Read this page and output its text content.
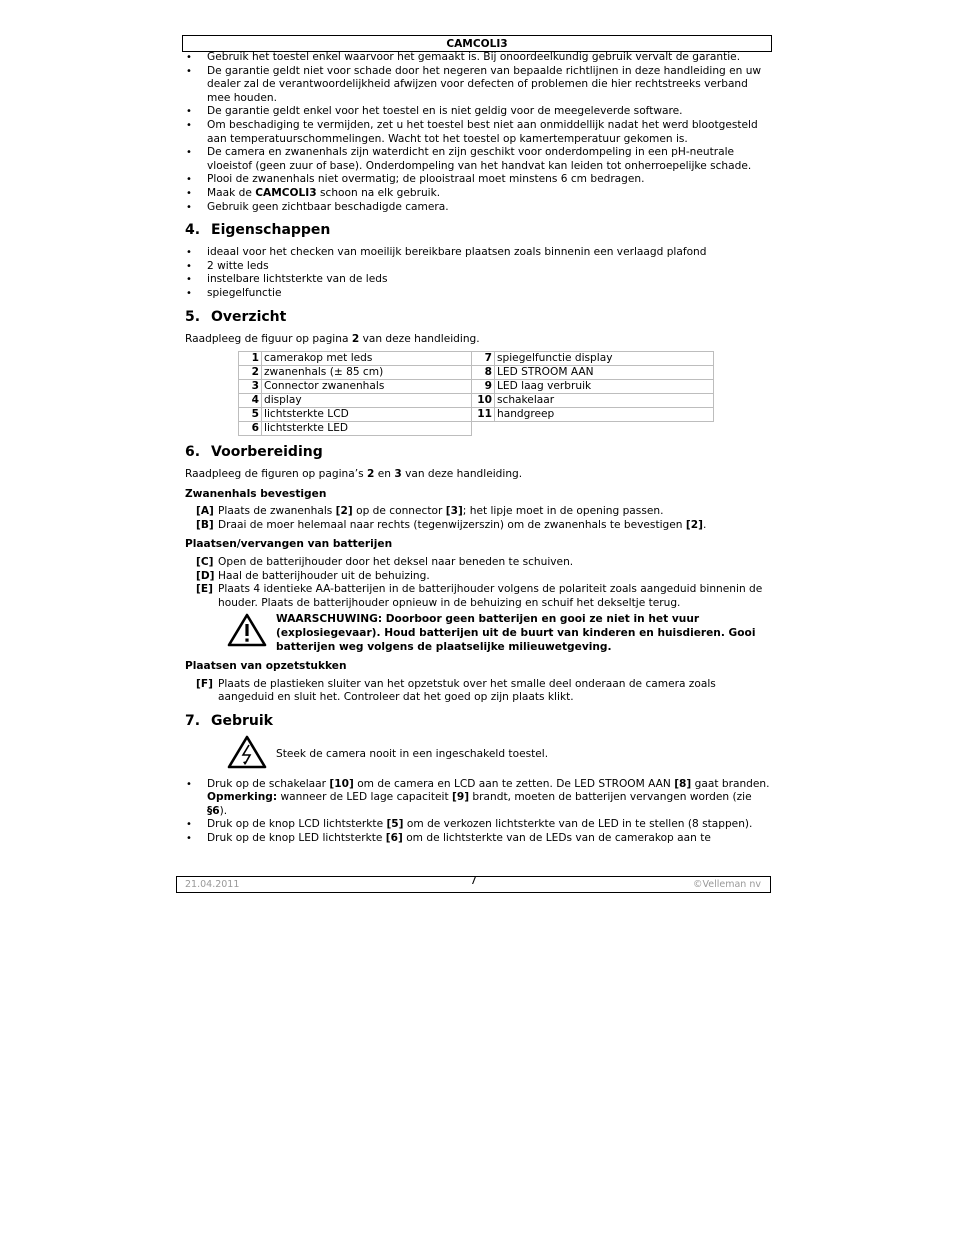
CAMCOLI3
• Gebruik het toestel enkel waarvoor het gemaakt is. Bij onoordeelkundig gebruik vervalt de garantie.
• De garantie geldt niet voor schade door het negeren van bepaalde richtlijnen in deze handleiding en uw dealer zal de verantwoordelijkheid afwijzen voor defecten of problemen die hier rechtstreeks verband mee houden.
• De garantie geldt enkel voor het toestel en is niet geldig voor de meegeleverde software.
• Om beschadiging te vermijden, zet u het toestel best niet aan onmiddellijk nadat het werd blootgesteld aan temperatuurschommelingen. Wacht tot het toestel op kamertemperatuur gekomen is.
• De camera en zwanenhals zijn waterdicht en zijn geschikt voor onderdompeling in een pH-neutrale vloeistof (geen zuur of base). Onderdompeling van het handvat kan leiden tot onherroepelijke schade.
• Plooi de zwanenhals niet overmatig; de plooistraal moet minstens 6 cm bedragen.
• Maak de CAMCOLI3 schoon na elk gebruik.
• Gebruik geen zichtbaar beschadigde camera.
4. Eigenschappen
• ideaal voor het checken van moeilijk bereikbare plaatsen zoals binnenin een verlaagd plafond
• 2 witte leds
• instelbare lichtsterkte van de leds
• spiegelfunctie
5. Overzicht

Raadpleeg de figuur op pagina 2 van deze handleiding.

1	camerakop met leds	7	spiegelfunctie display
2	zwanenhals (± 85 cm)	8	LED STROOM AAN
3	Connector zwanenhals	9	LED laag verbruik
4	display	10	schakelaar
5	lichtsterkte LCD	11	handgreep
6	lichtsterkte LED		
6. Voorbereiding

Raadpleeg de figuren op pagina’s 2 en 3 van deze handleiding.

Zwanenhals bevestigen
[A] Plaats de zwanenhals [2] op de connector [3]; het lipje moet in de opening passen.
[B] Draai de moer helemaal naar rechts (tegenwijzerszin) om de zwanenhals te bevestigen [2].
Plaatsen/vervangen van batterijen
[C] Open de batterijhouder door het deksel naar beneden te schuiven.
[D] Haal de batterijhouder uit de behuizing.
[E] Plaats 4 identieke AA-batterijen in de batterijhouder volgens de polariteit zoals aangeduid binnenin de houder. Plaats de batterijhouder opnieuw in de behuizing en schuif het dekseltje terug.
WAARSCHUWING: Doorboor geen batterijen en gooi ze niet in het vuur (explosiegevaar). Houd batterijen uit de buurt van kinderen en huisdieren. Gooi batterijen weg volgens de plaatselijke milieuwetgeving.
Plaatsen van opzetstukken
[F] Plaats de plastieken sluiter van het opzetstuk over het smalle deel onderaan de camera zoals aangeduid en sluit het. Controleer dat het goed op zijn plaats klikt.
7. Gebruik
Steek de camera nooit in een ingeschakeld toestel.
• Druk op de schakelaar [10] om de camera en LCD aan te zetten. De LED STROOM AAN [8] gaat branden.
Opmerking: wanneer de LED lage capaciteit [9] brandt, moeten de batterijen vervangen worden (zie §6).
• Druk op de knop LCD lichtsterkte [5] om de verkozen lichtsterkte van de LED in te stellen (8 stappen).
• Druk op de knop LED lichtsterkte [6] om de lichtsterkte van de LEDs van de camerakop aan te
21.04.2011	7	©Velleman nv
